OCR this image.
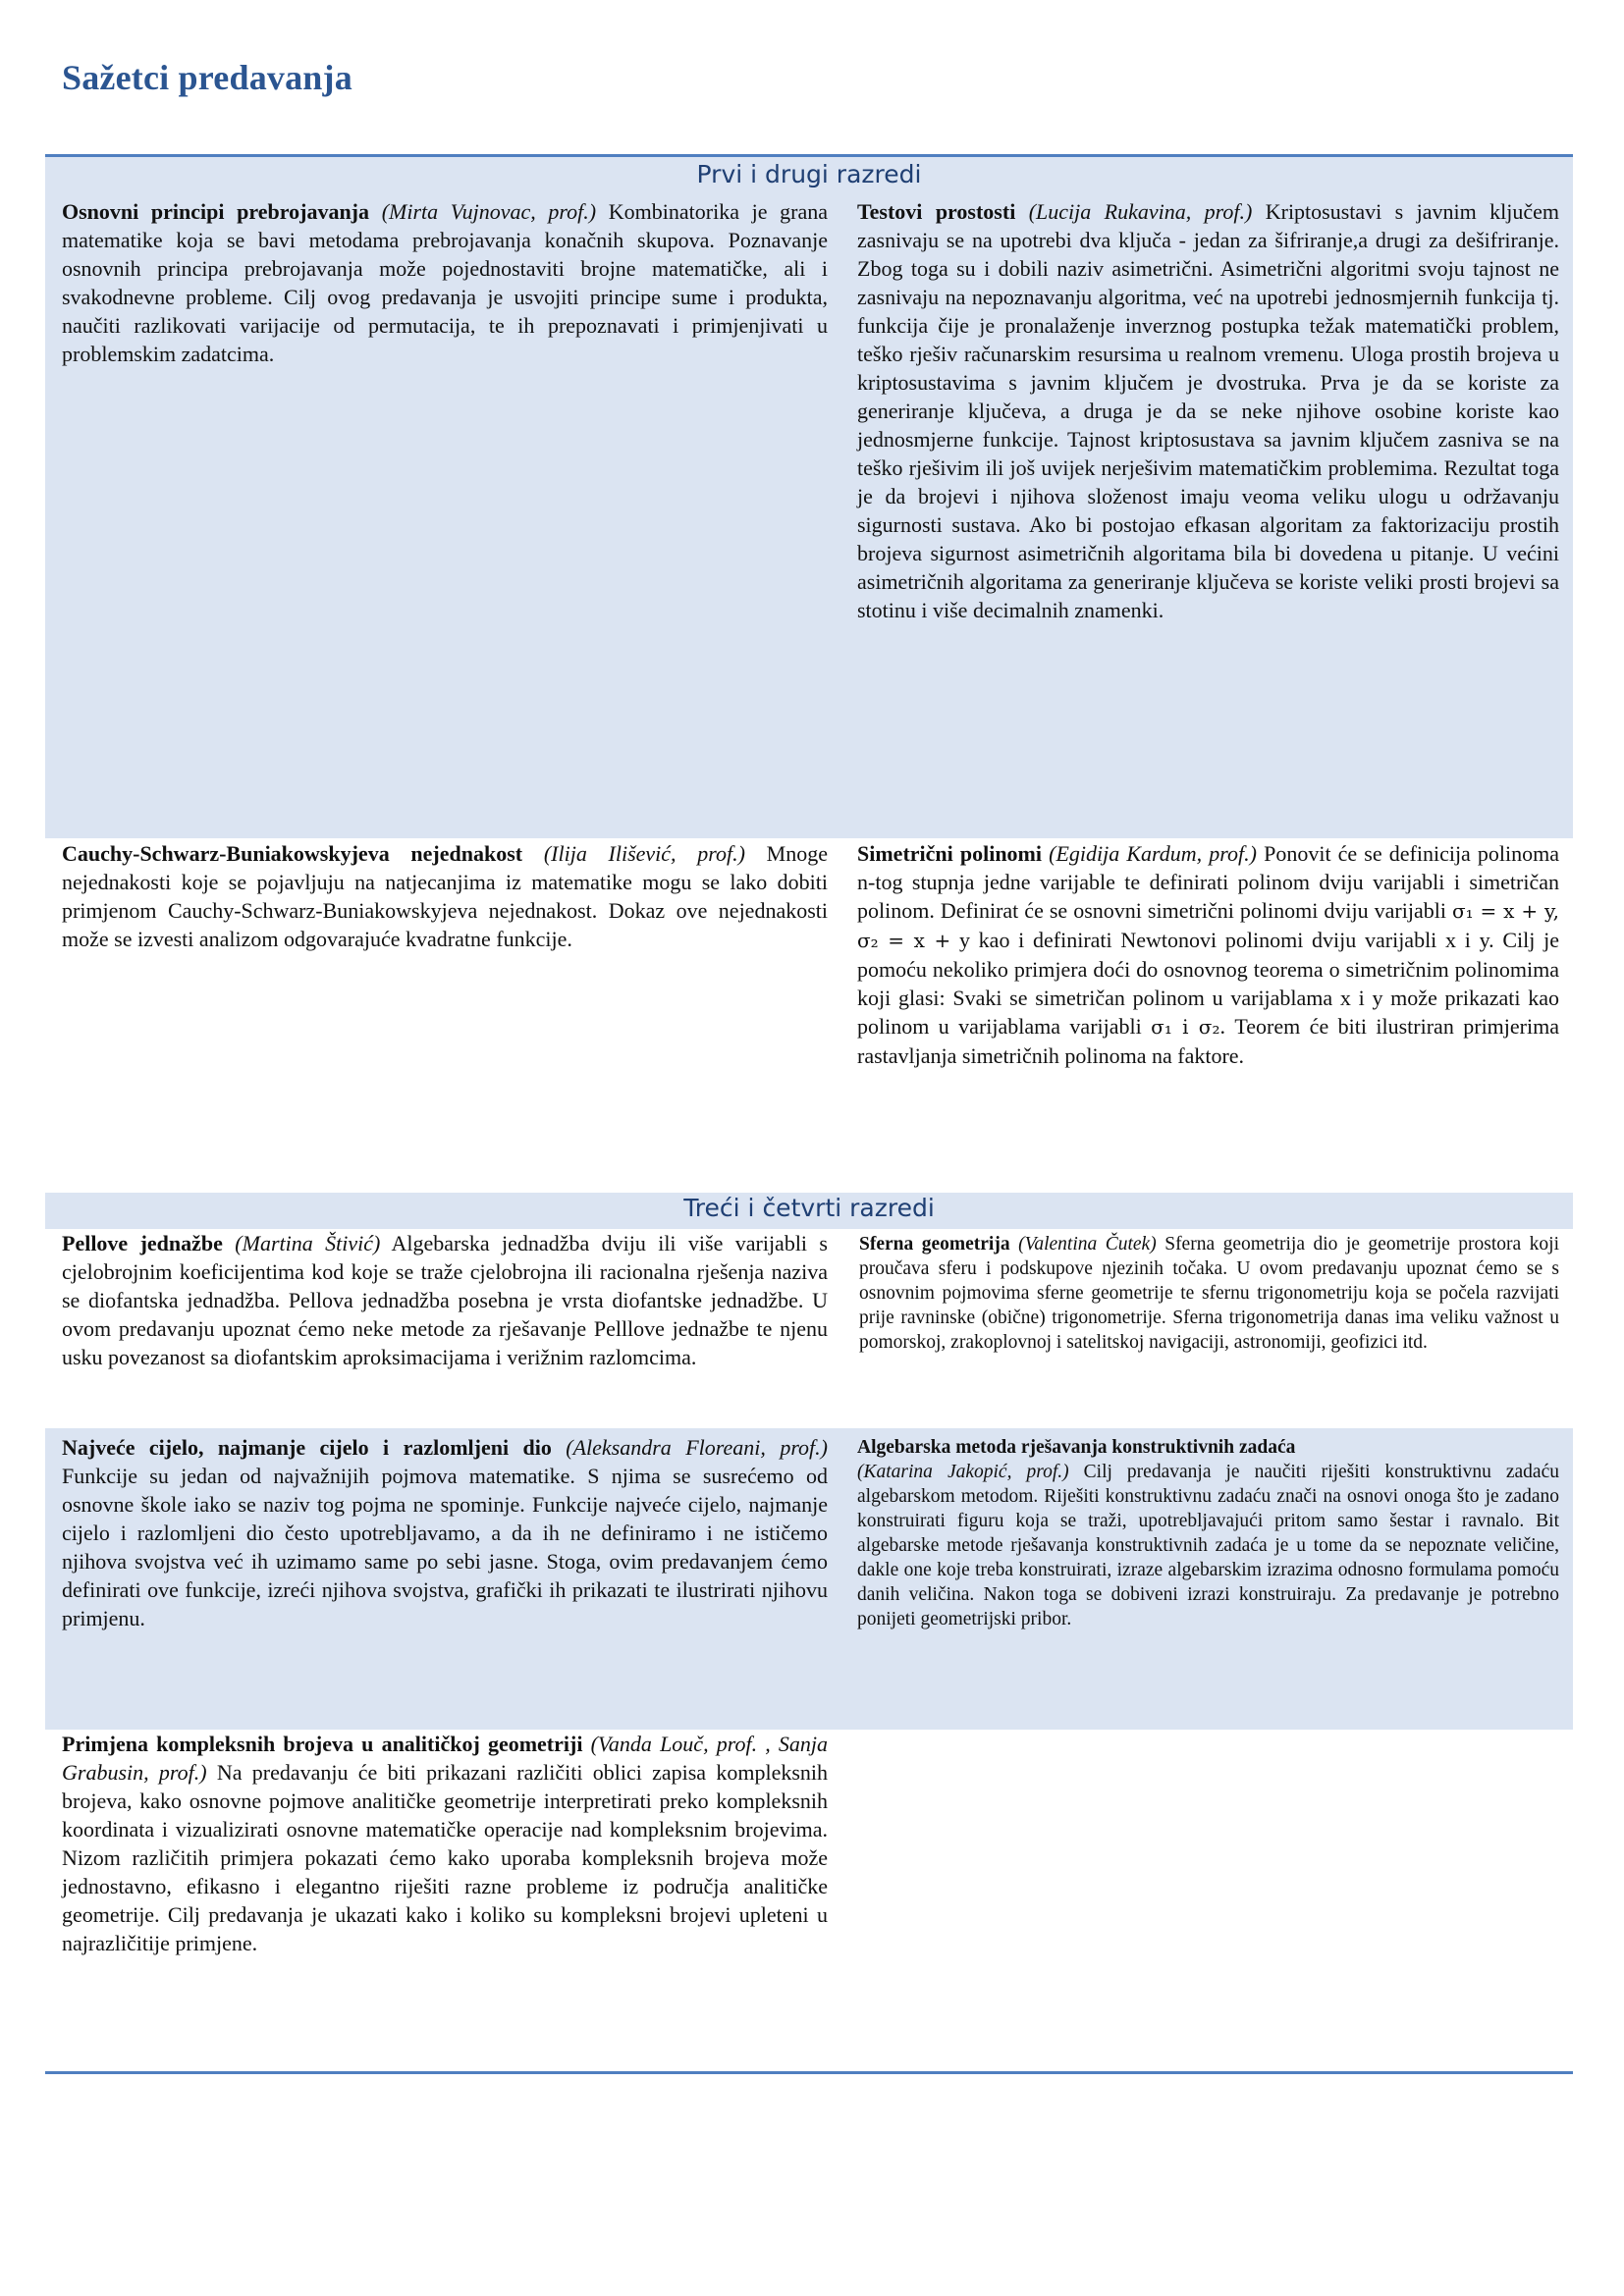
Sažetci predavanja
Prvi i drugi razredi

Osnovni principi prebrojavanja (Mirta Vujnovac, prof.) Kombinatorika je grana matematike koja se bavi metodama prebrojavanja konačnih skupova. Poznavanje osnovnih principa prebrojavanja može pojednostaviti brojne matematičke, ali i svakodnevne probleme. Cilj ovog predavanja je usvojiti principe sume i produkta, naučiti razlikovati varijacije od permutacija, te ih prepoznavati i primjenjivati u problemskim zadatcima.

Testovi prostosti (Lucija Rukavina, prof.) Kriptosustavi s javnim ključem zasnivaju se na upotrebi dva ključa - jedan za šifriranje,a drugi za dešifriranje. Zbog toga su i dobili naziv asimetrični. Asimetrični algoritmi svoju tajnost ne zasnivaju na nepoznavanju algoritma, već na upotrebi jednosmjernih funkcija tj. funkcija čije je pronalaženje inverznog postupka težak matematički problem, teško rješiv računarskim resursima u realnom vremenu. Uloga prostih brojeva u kriptosustavima s javnim ključem je dvostruka. Prva je da se koriste za generiranje ključeva, a druga je da se neke njihove osobine koriste kao jednosmjerne funkcije. Tajnost kriptosustava sa javnim ključem zasniva se na teško rješivim ili još uvijek nerješivim matematičkim problemima. Rezultat toga je da brojevi i njihova složenost imaju veoma veliku ulogu u održavanju sigurnosti sustava. Ako bi postojao efkasan algoritam za faktorizaciju prostih brojeva sigurnost asimetričnih algoritama bila bi dovedena u pitanje. U većini asimetričnih algoritama za generiranje ključeva se koriste veliki prosti brojevi sa stotinu i više decimalnih znamenki.

Cauchy-Schwarz-Buniakowskyjeva nejednakost (Ilija Ilišević, prof.) Mnoge nejednakosti koje se pojavljuju na natjecanjima iz matematike mogu se lako dobiti primjenom Cauchy-Schwarz-Buniakowskyjeva nejednakost. Dokaz ove nejednakosti može se izvesti analizom odgovarajuće kvadratne funkcije.

Simetrični polinomi (Egidija Kardum, prof.) Ponovit će se definicija polinoma n-tog stupnja jedne varijable te definirati polinom dviju varijabli i simetričan polinom. Definirat će se osnovni simetrični polinomi dviju varijabli σ₁ = x + y, σ₂ = x + y kao i definirati Newtonovi polinomi dviju varijabli x i y. Cilj je pomoću nekoliko primjera doći do osnovnog teorema o simetričnim polinomima koji glasi: Svaki se simetričan polinom u varijablama x i y može prikazati kao polinom u varijablama varijabli σ₁ i σ₂. Teorem će biti ilustriran primjerima rastavljanja simetričnih polinoma na faktore.

Treći i četvrti razredi

Pellove jednažbe (Martina Štivić) Algebarska jednadžba dviju ili više varijabli s cjelobrojnim koeficijentima kod koje se traže cjelobrojna ili racionalna rješenja naziva se diofantska jednadžba. Pellova jednadžba posebna je vrsta diofantske jednadžbe. U ovom predavanju upoznat ćemo neke metode za rješavanje Pelllove jednažbe te njenu usku povezanost sa diofantskim aproksimacijama i verižnim razlomcima.

Sferna geometrija (Valentina Čutek) Sferna geometrija dio je geometrije prostora koji proučava sferu i podskupove njezinih točaka. U ovom predavanju upoznat ćemo se s osnovnim pojmovima sferne geometrije te sfernu trigonometriju koja se počela razvijati prije ravninske (obične) trigonometrije. Sferna trigonometrija danas ima veliku važnost u pomorskoj, zrakoplovnoj i satelitskoj navigaciji, astronomiji, geofizici itd.

Najveće cijelo, najmanje cijelo i razlomljeni dio (Aleksandra Floreani, prof.) Funkcije su jedan od najvažnijih pojmova matematike. S njima se susrećemo od osnovne škole iako se naziv tog pojma ne spominje. Funkcije najveće cijelo, najmanje cijelo i razlomljeni dio često upotrebljavamo, a da ih ne definiramo i ne ističemo njihova svojstva već ih uzimamo same po sebi jasne. Stoga, ovim predavanjem ćemo definirati ove funkcije, izreći njihova svojstva, grafički ih prikazati te ilustrirati njihovu primjenu.

Algebarska metoda rješavanja konstruktivnih zadaća
(Katarina Jakopić, prof.) Cilj predavanja je naučiti riješiti konstruktivnu zadaću algebarskom metodom. Riješiti konstruktivnu zadaću znači na osnovi onoga što je zadano konstruirati figuru koja se traži, upotrebljavajući pritom samo šestar i ravnalo. Bit algebarske metode rješavanja konstruktivnih zadaća je u tome da se nepoznate veličine, dakle one koje treba konstruirati, izraze algebarskim izrazima odnosno formulama pomoću danih veličina. Nakon toga se dobiveni izrazi konstruiraju. Za predavanje je potrebno ponijeti geometrijski pribor.

Primjena kompleksnih brojeva u analitičkoj geometriji (Vanda Louč, prof. , Sanja Grabusin, prof.) Na predavanju će biti prikazani različiti oblici zapisa kompleksnih brojeva, kako osnovne pojmove analitičke geometrije interpretirati preko kompleksnih koordinata i vizualizirati osnovne matematičke operacije nad kompleksnim brojevima. Nizom različitih primjera pokazati ćemo kako uporaba kompleksnih brojeva može jednostavno, efikasno i elegantno riješiti razne probleme iz područja analitičke geometrije. Cilj predavanja je ukazati kako i koliko su kompleksni brojevi upleteni u najrazličitije primjene.
